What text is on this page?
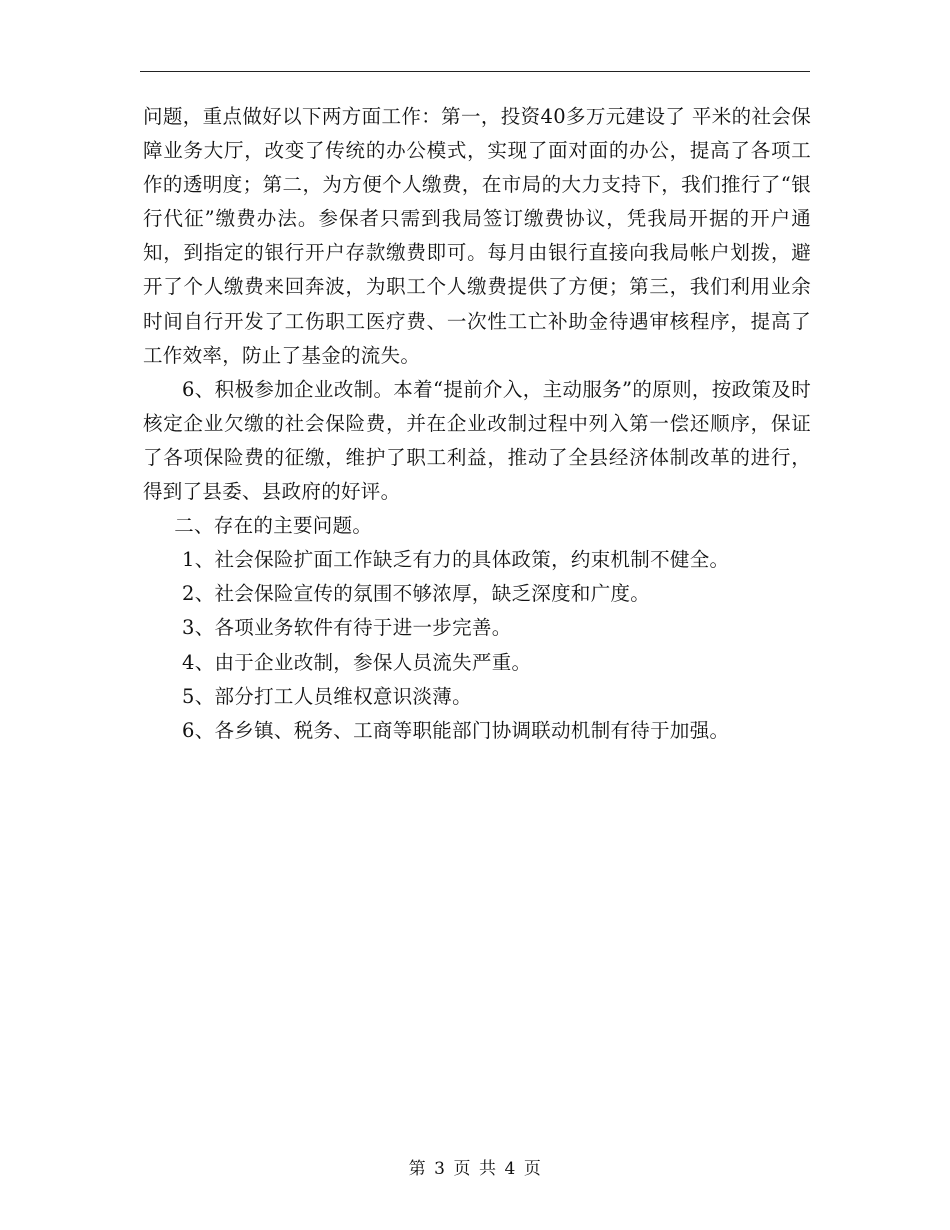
问题，重点做好以下两方面工作：第一，投资40多万元建设了 平米的社会保障业务大厅，改变了传统的办公模式，实现了面对面的办公，提高了各项工作的透明度；第二，为方便个人缴费，在市局的大力支持下，我们推行了“银行代征”缴费办法。参保者只需到我局签订缴费协议，凭我局开据的开户通知，到指定的银行开户存款缴费即可。每月由银行直接向我局帐户划拨，避开了个人缴费来回奔波，为职工个人缴费提供了方便；第三，我们利用业余时间自行开发了工伤职工医疗费、一次性工亡补助金待遇审核程序，提高了工作效率，防止了基金的流失。

6、积极参加企业改制。本着“提前介入，主动服务”的原则，按政策及时核定企业欠缴的社会保险费，并在企业改制过程中列入第一偿还顺序，保证了各项保险费的征缴，维护了职工利益，推动了全县经济体制改革的进行，得到了县委、县政府的好评。

二、存在的主要问题。

1、社会保险扩面工作缺乏有力的具体政策，约束机制不健全。

2、社会保险宣传的氛围不够浓厚，缺乏深度和广度。

3、各项业务软件有待于进一步完善。

4、由于企业改制，参保人员流失严重。

5、部分打工人员维权意识淡薄。

6、各乡镇、税务、工商等职能部门协调联动机制有待于加强。

第 3 页 共 4 页
